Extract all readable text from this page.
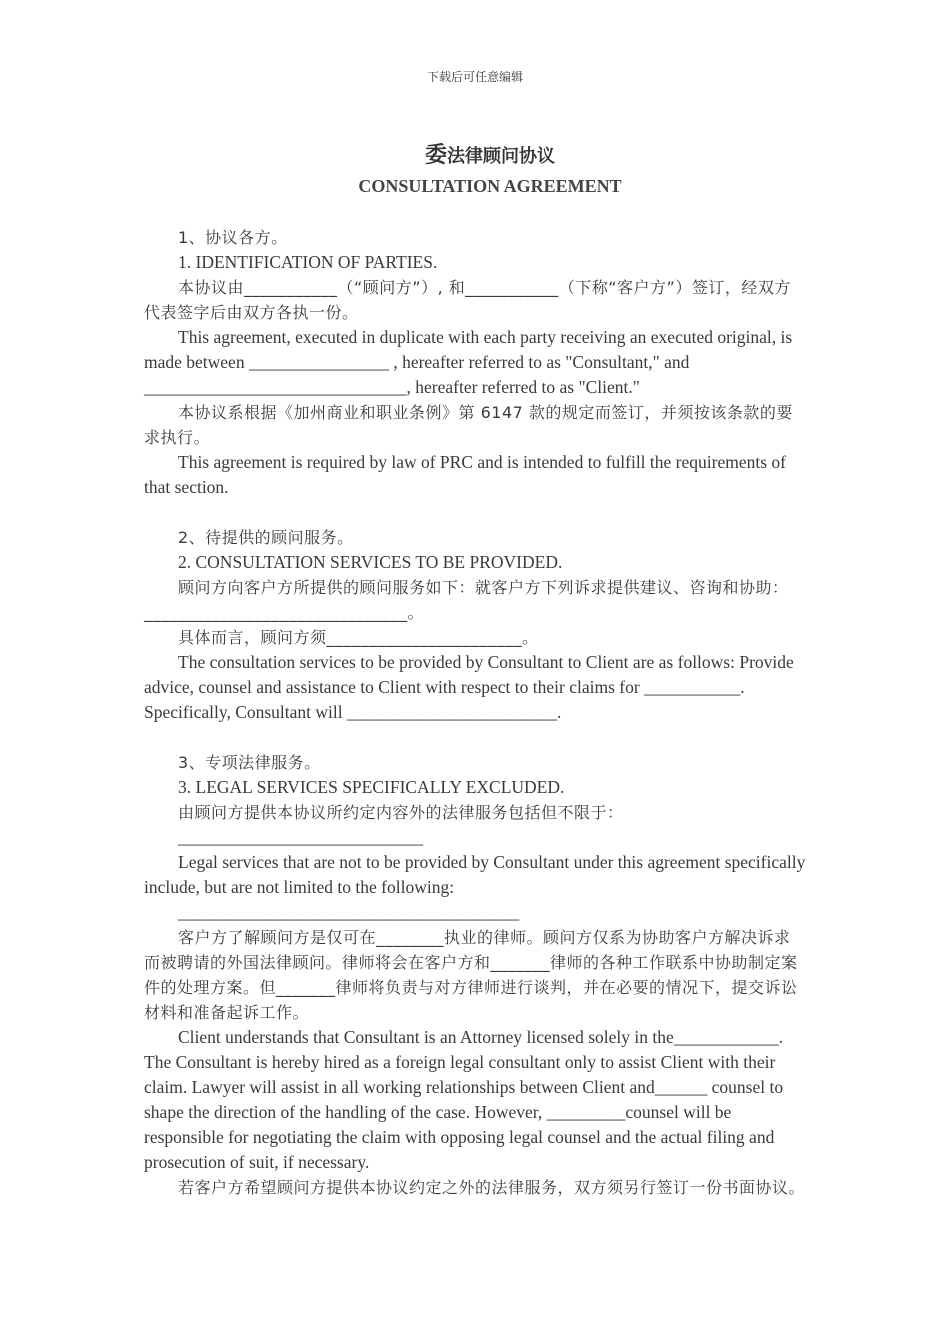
下载后可任意编辑
委法律顾问协议
CONSULTATION AGREEMENT

1、协议各方。

1. IDENTIFICATION OF PARTIES.

本协议由___________（“顾问方”）, 和___________（下称“客户方”）签订，经双方代表签字后由双方各执一份。

This agreement, executed in duplicate with each party receiving an executed original, is made between ________________ , hereafter referred to as "Consultant," and ______________________________, hereafter referred to as "Client."

本协议系根据《加州商业和职业条例》第 6147 款的规定而签订，并须按该条款的要求执行。

This agreement is required by law of PRC and is intended to fulfill the requirements of that section.

2、待提供的顾问服务。

2. CONSULTATION SERVICES TO BE PROVIDED.

顾问方向客户方所提供的顾问服务如下：就客户方下列诉求提供建议、咨询和协助：_______________________________。

具体而言，顾问方须_______________________。

The consultation services to be provided by Consultant to Client are as follows: Provide advice, counsel and assistance to Client with respect to their claims for ___________. Specifically, Consultant will ________________________.

3、专项法律服务。

3. LEGAL SERVICES SPECIFICALLY EXCLUDED.

由顾问方提供本协议所约定内容外的法律服务包括但不限于：

____________________________

Legal services that are not to be provided by Consultant under this agreement specifically include, but are not limited to the following:

_______________________________________

客户方了解顾问方是仅可在________执业的律师。顾问方仅系为协助客户方解决诉求而被聘请的外国法律顾问。律师将会在客户方和_______律师的各种工作联系中协助制定案件的处理方案。但_______律师将负责与对方律师进行谈判，并在必要的情况下，提交诉讼材料和准备起诉工作。

Client understands that Consultant is an Attorney licensed solely in the____________. The Consultant is hereby hired as a foreign legal consultant only to assist Client with their claim. Lawyer will assist in all working relationships between Client and______ counsel to shape the direction of the handling of the case. However, _________counsel will be responsible for negotiating the claim with opposing legal counsel and the actual filing and prosecution of suit, if necessary.

若客户方希望顾问方提供本协议约定之外的法律服务，双方须另行签订一份书面协议。
